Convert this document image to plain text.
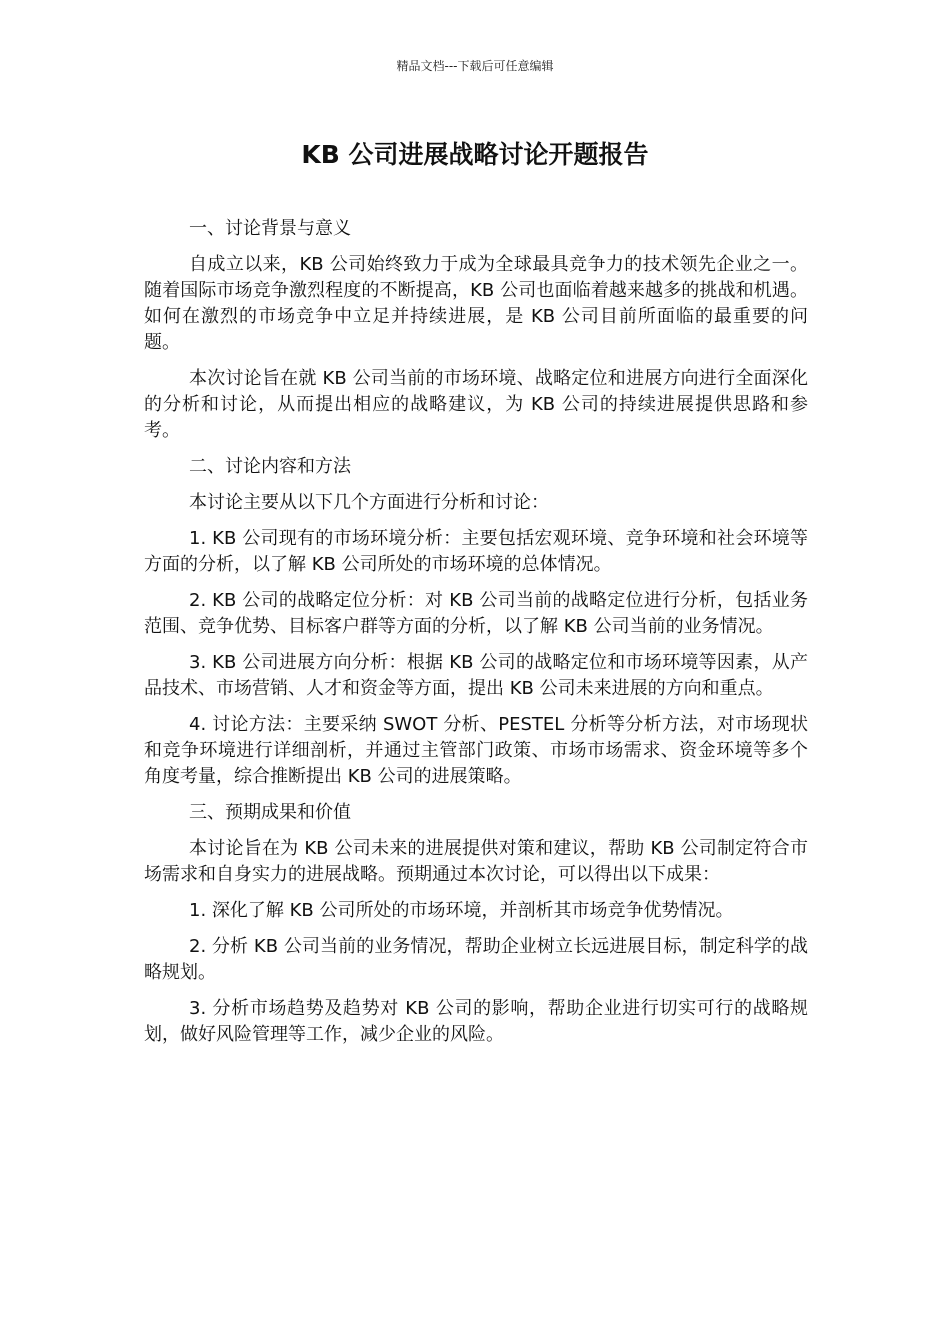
精品文档---下载后可任意编辑
KB 公司进展战略讨论开题报告

一、讨论背景与意义

自成立以来，KB 公司始终致力于成为全球最具竞争力的技术领先企业之一。随着国际市场竞争激烈程度的不断提高，KB 公司也面临着越来越多的挑战和机遇。如何在激烈的市场竞争中立足并持续进展，是 KB 公司目前所面临的最重要的问题。

本次讨论旨在就 KB 公司当前的市场环境、战略定位和进展方向进行全面深化的分析和讨论，从而提出相应的战略建议，为 KB 公司的持续进展提供思路和参考。

二、讨论内容和方法

本讨论主要从以下几个方面进行分析和讨论：

1. KB 公司现有的市场环境分析：主要包括宏观环境、竞争环境和社会环境等方面的分析，以了解 KB 公司所处的市场环境的总体情况。

2. KB 公司的战略定位分析：对 KB 公司当前的战略定位进行分析，包括业务范围、竞争优势、目标客户群等方面的分析，以了解 KB 公司当前的业务情况。

3. KB 公司进展方向分析：根据 KB 公司的战略定位和市场环境等因素，从产品技术、市场营销、人才和资金等方面，提出 KB 公司未来进展的方向和重点。

4. 讨论方法：主要采纳 SWOT 分析、PESTEL 分析等分析方法，对市场现状和竞争环境进行详细剖析，并通过主管部门政策、市场市场需求、资金环境等多个角度考量，综合推断提出 KB 公司的进展策略。

三、预期成果和价值

本讨论旨在为 KB 公司未来的进展提供对策和建议，帮助 KB 公司制定符合市场需求和自身实力的进展战略。预期通过本次讨论，可以得出以下成果：

1. 深化了解 KB 公司所处的市场环境，并剖析其市场竞争优势情况。

2. 分析 KB 公司当前的业务情况，帮助企业树立长远进展目标，制定科学的战略规划。

3. 分析市场趋势及趋势对 KB 公司的影响，帮助企业进行切实可行的战略规划，做好风险管理等工作，减少企业的风险。
